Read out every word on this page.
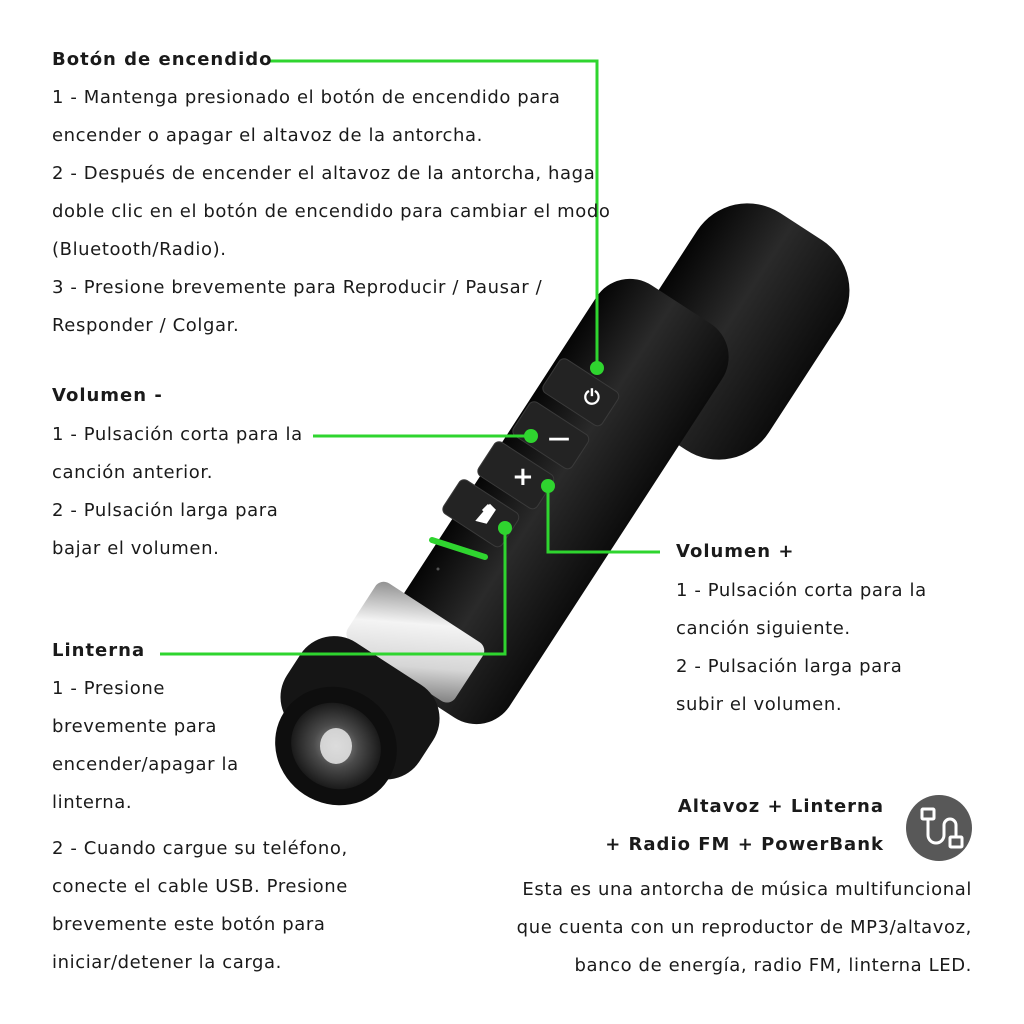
⏻
—
+
Botón de encendido
1 - Mantenga presionado el botón de encendido para
encender o apagar el altavoz de la antorcha.
2 - Después de encender el altavoz de la antorcha, haga
doble clic en el botón de encendido para cambiar el modo
(Bluetooth/Radio).
3 - Presione brevemente para Reproducir / Pausar /
Responder / Colgar.
Volumen -
1 - Pulsación corta para la
canción anterior.
2 - Pulsación larga para
bajar el volumen.	Volumen +
1 - Pulsación corta para la
canción siguiente.
2 - Pulsación larga para
subir el volumen.
Linterna
1 - Presione
brevemente para
encender/apagar la
linterna.
2 - Cuando cargue su teléfono,
conecte el cable USB. Presione
brevemente este botón para
iniciar/detener la carga.
Altavoz + Linterna
+ Radio FM + PowerBank
Esta es una antorcha de música multifuncional
que cuenta con un reproductor de MP3/altavoz,
banco de energía, radio FM, linterna LED.
